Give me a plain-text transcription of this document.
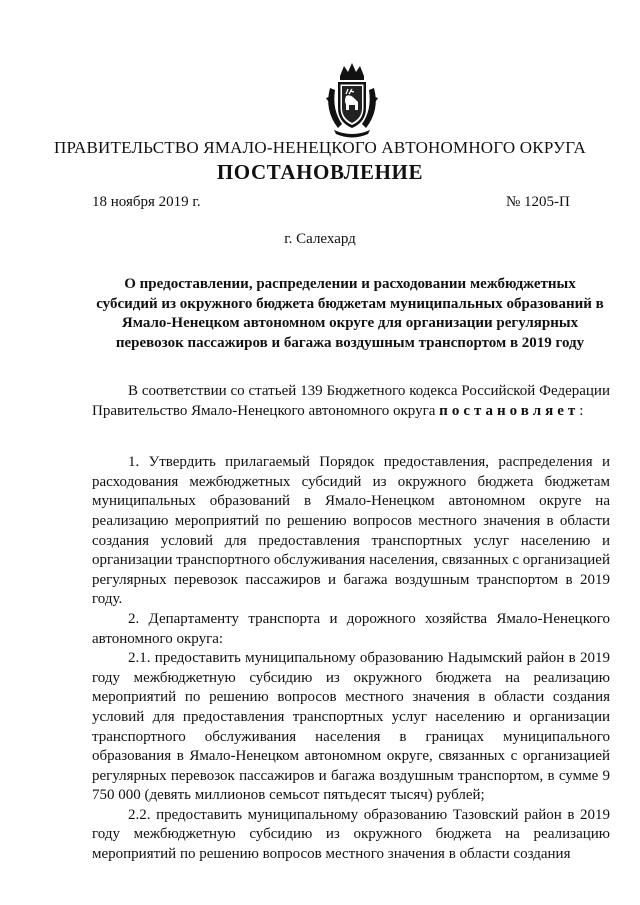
ПРАВИТЕЛЬСТВО ЯМАЛО-НЕНЕЦКОГО АВТОНОМНОГО ОКРУГА
ПОСТАНОВЛЕНИЕ
18 ноября 2019 г.	№ 1205-П
г. Салехард
О предоставлении, распределении и расходовании межбюджетных
субсидий из окружного бюджета бюджетам муниципальных образований в
Ямало-Ненецком автономном округе для организации регулярных
перевозок пассажиров и багажа воздушным транспортом в 2019 году

В соответствии со статьей 139 Бюджетного кодекса Российской Федерации Правительство Ямало-Ненецкого автономного округа постановляет:

1. Утвердить прилагаемый Порядок предоставления, распределения и расходования межбюджетных субсидий из окружного бюджета бюджетам муниципальных образований в Ямало-Ненецком автономном округе на реализацию мероприятий по решению вопросов местного значения в области создания условий для предоставления транспортных услуг населению и организации транспортного обслуживания населения, связанных с организацией регулярных перевозок пассажиров и багажа воздушным транспортом в 2019 году.

2. Департаменту транспорта и дорожного хозяйства Ямало-Ненецкого автономного округа:

2.1. предоставить муниципальному образованию Надымский район в 2019 году межбюджетную субсидию из окружного бюджета на реализацию мероприятий по решению вопросов местного значения в области создания условий для предоставления транспортных услуг населению и организации транспортного обслуживания населения в границах муниципального образования в Ямало-Ненецком автономном округе, связанных с организацией регулярных перевозок пассажиров и багажа воздушным транспортом, в сумме 9 750 000 (девять миллионов семьсот пятьдесят тысяч) рублей;

2.2. предоставить муниципальному образованию Тазовский район в 2019 году межбюджетную субсидию из окружного бюджета на реализацию мероприятий по решению вопросов местного значения в области создания
